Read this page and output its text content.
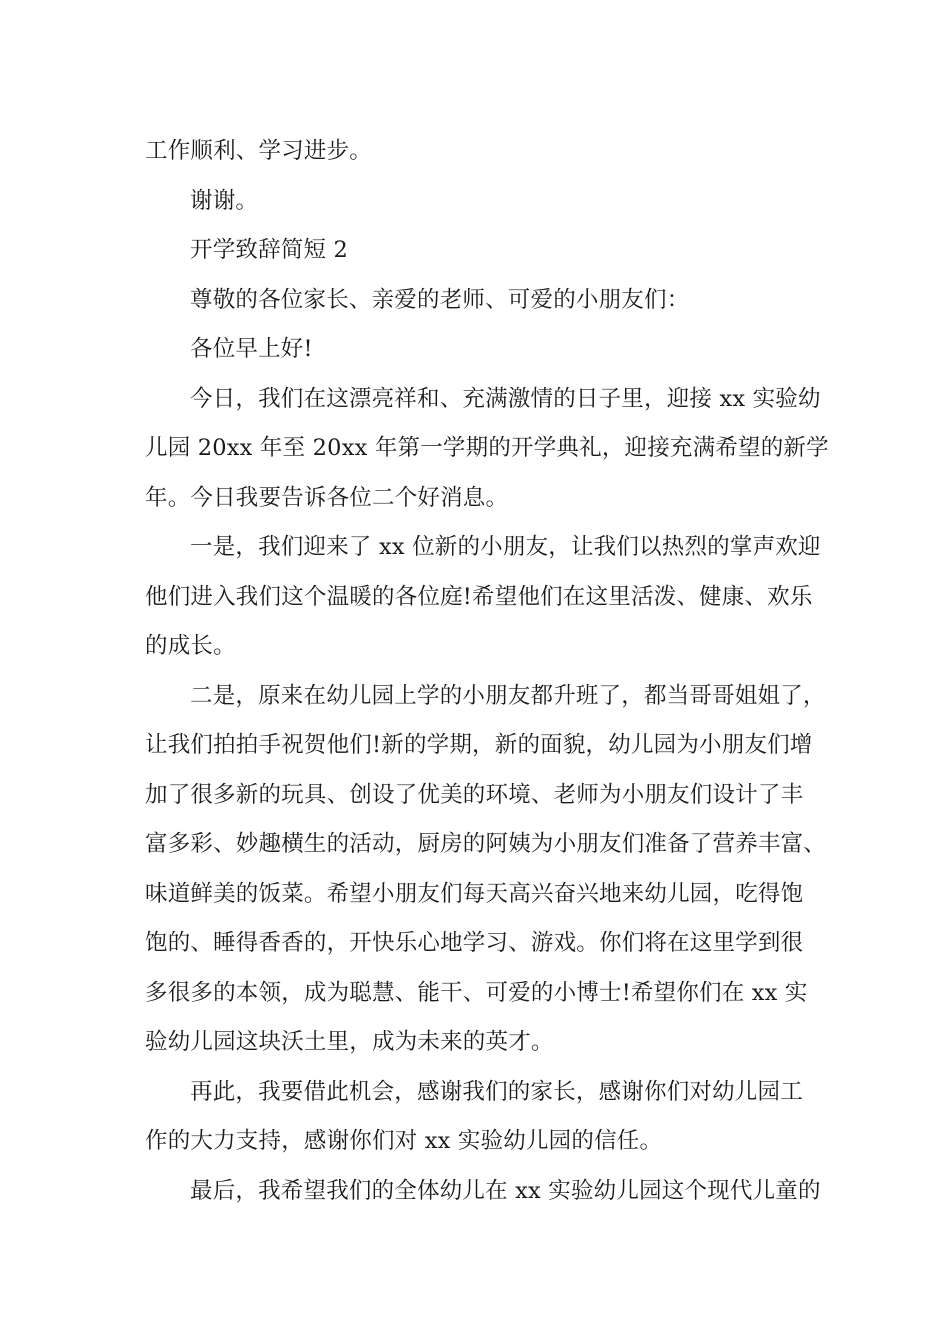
工作顺利、学习进步。
谢谢。
开学致辞简短 2
尊敬的各位家长、亲爱的老师、可爱的小朋友们：
各位早上好!
今日，我们在这漂亮祥和、充满激情的日子里，迎接 xx 实验幼
儿园 20xx 年至 20xx 年第一学期的开学典礼，迎接充满希望的新学
年。今日我要告诉各位二个好消息。
一是，我们迎来了 xx 位新的小朋友，让我们以热烈的掌声欢迎
他们进入我们这个温暖的各位庭!希望他们在这里活泼、健康、欢乐
的成长。
二是，原来在幼儿园上学的小朋友都升班了，都当哥哥姐姐了，
让我们拍拍手祝贺他们!新的学期，新的面貌，幼儿园为小朋友们增
加了很多新的玩具、创设了优美的环境、老师为小朋友们设计了丰
富多彩、妙趣横生的活动，厨房的阿姨为小朋友们准备了营养丰富、
味道鲜美的饭菜。希望小朋友们每天高兴奋兴地来幼儿园，吃得饱
饱的、睡得香香的，开快乐心地学习、游戏。你们将在这里学到很
多很多的本领，成为聪慧、能干、可爱的小博士!希望你们在 xx 实
验幼儿园这块沃土里，成为未来的英才。
再此，我要借此机会，感谢我们的家长，感谢你们对幼儿园工
作的大力支持，感谢你们对 xx 实验幼儿园的信任。
最后，我希望我们的全体幼儿在 xx 实验幼儿园这个现代儿童的
